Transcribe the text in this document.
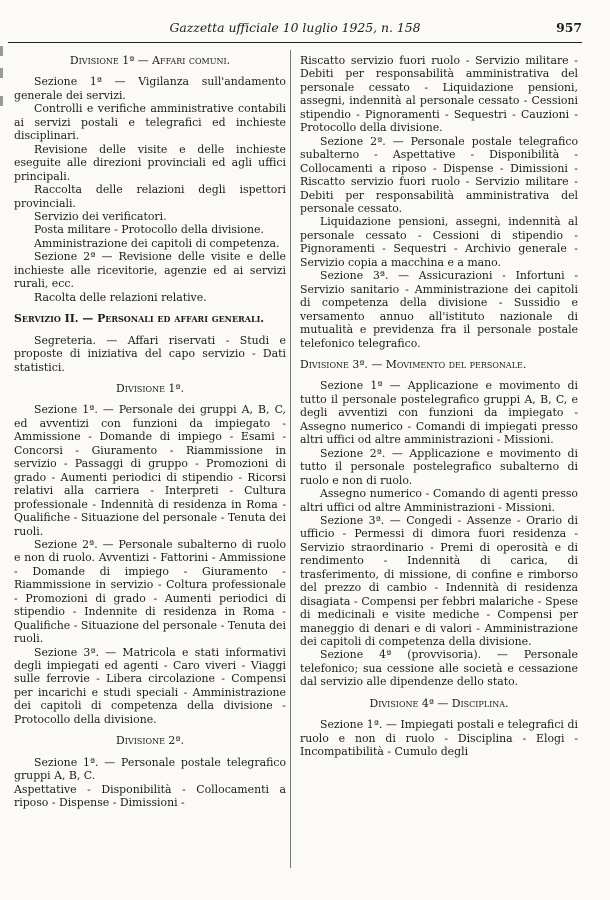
Gazzetta ufficiale 10 luglio 1925, n. 158	957

Divisione 1ª — Affari comuni.

Sezione 1ª — Vigilanza sull'andamento generale dei servizi.

Controlli e verifiche amministrative contabili ai servizi postali e telegrafici ed inchieste disciplinari.

Revisione delle visite e delle inchieste eseguite alle direzioni provinciali ed agli uffici principali.

Raccolta delle relazioni degli ispettori provinciali.

Servizio dei verificatori.

Posta militare - Protocollo della divisione.

Amministrazione dei capitoli di competenza.

Sezione 2ª — Revisione delle visite e delle inchieste alle ricevitorie, agenzie ed ai servizi rurali, ecc.

Racolta delle relazioni relative.

Servizio II. — Personali ed affari generali.

Segreteria. — Affari riservati - Studi e proposte di iniziativa del capo servizio - Dati statistici.

Divisione 1ª.

Sezione 1ª. — Personale dei gruppi A, B, C, ed avventizi con funzioni da impiegato - Ammissione - Domande di impiego - Esami - Concorsi - Giuramento - Riammissione in servizio - Passaggi di gruppo - Promozioni di grado - Aumenti periodici di stipendio - Ricorsi relativi alla carriera - Interpreti - Cultura professionale - Indennità di residenza in Roma - Qualifiche - Situazione del personale - Tenuta dei ruoli.

Sezione 2ª. — Personale subalterno di ruolo e non di ruolo. Avventizi - Fattorini - Ammissione - Domande di impiego - Giuramento - Riammissione in servizio - Coltura professionale - Promozioni di grado - Aumenti periodici di stipendio - Indennite di residenza in Roma - Qualifiche - Situazione del personale - Tenuta dei ruoli.

Sezione 3ª. — Matricola e stati informativi degli impiegati ed agenti - Caro viveri - Viaggi sulle ferrovie - Libera circolazione - Compensi per incarichi e studi speciali - Amministrazione dei capitoli di competenza della divisione - Protocollo della divisione.

Divisione 2ª.

Sezione 1ª. — Personale postale telegrafico gruppi A, B, C.

Aspettative - Disponibilità - Collocamenti a riposo - Dispense - Dimissioni -

Riscatto servizio fuori ruolo - Servizio militare - Debiti per responsabilità amministrativa del personale cessato - Liquidazione pensioni, assegni, indennità al personale cessato - Cessioni stipendio - Pignoramenti - Sequestri - Cauzioni - Protocollo della divisione.

Sezione 2ª. — Personale postale telegrafico subalterno - Aspettative - Disponibilità - Collocamenti a riposo - Dispense - Dimissioni - Riscatto servizio fuori ruolo - Servizio militare - Debiti per responsabilità amministrativa del personale cessato.

Liquidazione pensioni, assegni, indennità al personale cessato - Cessioni di stipendio - Pignoramenti - Sequestri - Archivio generale - Servizio copia a macchina e a mano.

Sezione 3ª. — Assicurazioni - Infortuni - Servizio sanitario - Amministrazione dei capitoli di competenza della divisione - Sussidio e versamento annuo all'istituto nazionale di mutualità e previdenza fra il personale postale telefonico telegrafico.

Divisione 3ª. — Movimento del personale.

Sezione 1ª — Applicazione e movimento di tutto il personale postelegrafico gruppi A, B, C, e degli avventizi con funzioni da impiegato - Assegno numerico - Comandi di impiegati presso altri uffici od altre amministrazioni - Missioni.

Sezione 2ª. — Applicazione e movimento di tutto il personale postelegrafico subalterno di ruolo e non di ruolo.

Assegno numerico - Comando di agenti presso altri uffici od altre Amministrazioni - Missioni.

Sezione 3ª. — Congedi - Assenze - Orario di ufficio - Permessi di dimora fuori residenza - Servizio straordinario - Premi di operosità e di rendimento - Indennità di carica, di trasferimento, di missione, di confine e rimborso del prezzo di cambio - Indennità di residenza disagiata - Compensi per febbri malariche - Spese di medicinali e visite mediche - Compensi per maneggio di denari e di valori - Amministrazione dei capitoli di competenza della divisione.

Sezione 4ª (provvisoria). — Personale telefonico; sua cessione alle società e cessazione dal servizio alle dipendenze dello stato.

Divisione 4ª — Disciplina.

Sezione 1ª. — Impiegati postali e telegrafici di ruolo e non di ruolo - Disciplina - Elogi - Incompatibilità - Cumulo degli
